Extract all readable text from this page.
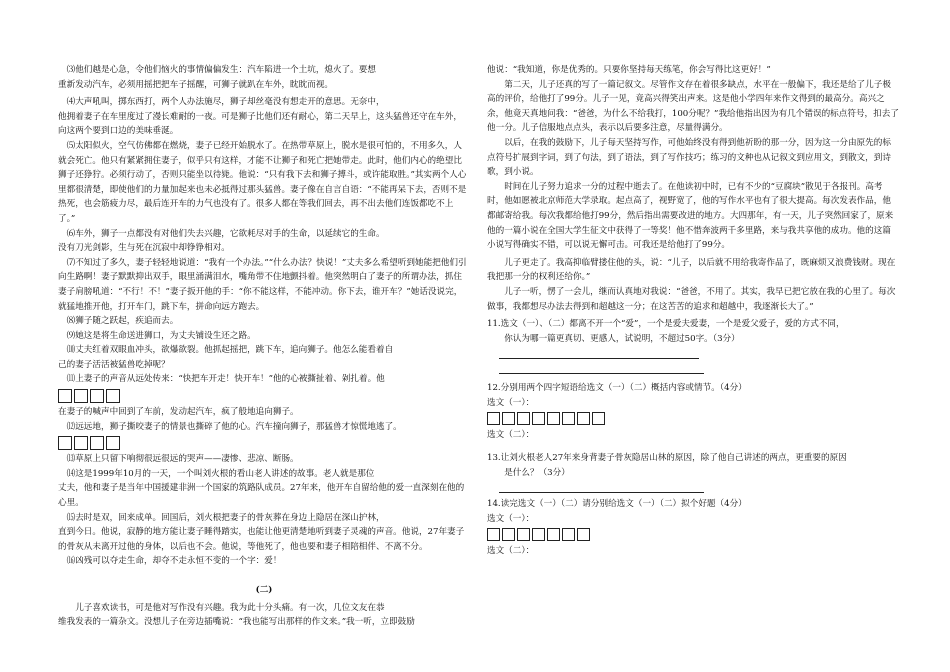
⑶他们越是心急，令他们恼火的事情偏偏发生：汽车陷进一个土坑，熄火了。要想

重新发动汽车，必须用摇把把车子摇醒，可狮子就趴在车外，眈眈而视。

⑷大声吼叫，掷东西打，两个人办法施尽，狮子却丝毫没有想走开的意思。无奈中，

他拥着妻子在车里度过了漫长难耐的一夜。可是狮子比他们还有耐心，第二天早上，这头猛兽还守在车外，向这两个要到口边的美味垂涎。

⑸太阳似火，空气仿佛都在燃烧，妻子已经开始脱水了。在热带草原上，脱水是很可怕的，不用多久，人就会死亡。他只有紧紧拥住妻子，似乎只有这样，才能不让狮子和死亡把她带走。此时，他们内心的绝望比狮子还狰狞。必须行动了，否则只能坐以待毙。他说：“只有我下去和狮子搏斗，或许能取胜。”其实两个人心里都很清楚，即使他们的力量加起来也未必抵得过那头猛兽。妻子像在自言自语：“不能再呆下去，否则不是热死，也会筋疲力尽，最后连开车的力气也没有了。很多人都在等我们回去，再不出去他们连饭都吃不上了。”

⑹车外，狮子一点都没有对他们失去兴趣，它欲耗尽对手的生命，以延续它的生命。

没有刀光剑影，生与死在沉寂中却铮铮相对。

⑺不知过了多久，妻子轻轻地说道：“我有一个办法。”“什么办法？快说！”丈夫多么希望听到她能把他们引向生路啊！妻子默默抑出双手，眼里涌满泪水，嘴角带不住地颤抖着。他突然明白了妻子的所谓办法，抓住妻子肩膀吼道：“不行！不！”妻子扳开他的手：“你不能这样，不能冲动。你下去，谁开车？”她话没说完，就猛地推开他，打开车门，跳下车，拼命向远方跑去。

⑻狮子随之跃起，疾追而去。

⑼她这是将生命送进狮口，为丈夫铺设生还之路。

⑽丈夫红着双眼血冲头，欲爆欲裂。他抓起摇把，跳下车，追向狮子。他怎么能看着自

己的妻子活活被猛兽吃掉呢？

⑾上妻子的声音从远处传来：“快把车开走！快开车！”他的心被撕扯着、剁扎着。他

在妻子的喊声中回到了车前，发动起汽车，疯了般地追向狮子。

⑿远远地，狮子撕咬妻子的情景也撕碎了他的心。汽车撞向狮子，那猛兽才惊慌地逃了。

⒀草原上只留下响彻很远很远的哭声——凄惨、悲凉、断肠。

⒁这是1999年10月的一天，一个叫刘火根的看山老人讲述的故事。老人就是那位

丈夫，他和妻子是当年中国援建非洲一个国家的筑路队成员。27年来，他开车自留给他的爱一直深刻在他的心里。

⒂去时是双，回来成单。回国后，刘火根把妻子的骨灰葬在身边上隐居在深山护林，

直到今日。他说，寂静的地方能让妻子睡得踏实，也能让他更清楚地听到妻子灵魂的声音。他说，27年妻子的骨灰从未离开过他的身体，以后也不会。他说，等他死了，他也要和妻子相陪相伴、不离不分。

⒃凶残可以夺走生命，却夺不走永恒不变的一个字：爱！

(二)

儿子喜欢读书，可是他对写作没有兴趣。我为此十分头痛。有一次，几位文友在恭

维我发表的一篇杂文。没想儿子在旁边插嘴说：“我也能写出那样的作文来。”我一听，立即鼓励

他说：“我知道，你是优秀的。只要你坚持每天练笔，你会写得比这更好！”

第二天，儿子还真的写了一篇记叙文。尽管作文存在着很多缺点，水平在一般偏下，我还是给了儿子极高的评价，给他打了99分。儿子一见，竟高兴得笑出声来。这是他小学四年来作文得到的最高分。高兴之余，他竟天真地问我：“爸爸，为什么不给我打，100分呢？”我给他指出因为有几个错误的标点符号，扣去了他一分。儿子信服地点点头，表示以后要多注意，尽量得满分。

以后，在我的鼓励下，儿子每天坚持写作，可他始终没有得到他祈盼的那一分，因为这一分由原先的标点符号扩展到字词，到了句法，到了语法，到了写作技巧；练习的文种也从记叙文到应用文，到散文，到诗歌，到小说。

时间在儿子努力追求一分的过程中逝去了。在他读初中时，已有不少的“豆腐块”散见于各报刊。高考时，他如愿被北京师范大学录取。起点高了，视野宽了，他的写作水平也有了很大提高。每次发表作品，他都邮寄给我。每次我都给他打99分，然后指出需要改进的地方。大四那年，有一天，儿子突然回家了，原来他的一篇小说在全国大学生征文中获得了一等奖！他不惜奔波两千多里路，来与我共享他的成功。他的这篇小说写得确实不错，可以说无懈可击。可我还是给他打了99分。

儿子更走了。我高抑临臂搂住他的头，说：“儿子，以后就不用给我寄作品了，既麻烦又浪费钱财。现在我把那一分的权利还给你。”

儿子一听，愣了一会儿，继而认真地对我说：“爸爸，不用了。其实，我早已把它放在我的心里了。每次做事，我都想尽办法去得到和超越这一分；在这苦苦的追求和超越中，我逐渐长大了。”

11.选文（一）、（二）都离不开一个“爱”，一个是爱夫爱妻，一个是爱父爱子，爱的方式不同，

你认为哪一篇更真切、更感人，试说明，不超过50字。（3分）

12.分别用两个四字短语给选文（一）（二）概括内容或情节。（4分）

选文（一）：

选文（二）：

13.让刘火根老人27年来身背妻子骨灰隐居山林的原因，除了他自己讲述的两点，更重要的原因

是什么？（3分）

14.读完选文（一）（二）请分别给选文（一）（二）拟个好题（4分）

选文（一）：

选文（二）：
